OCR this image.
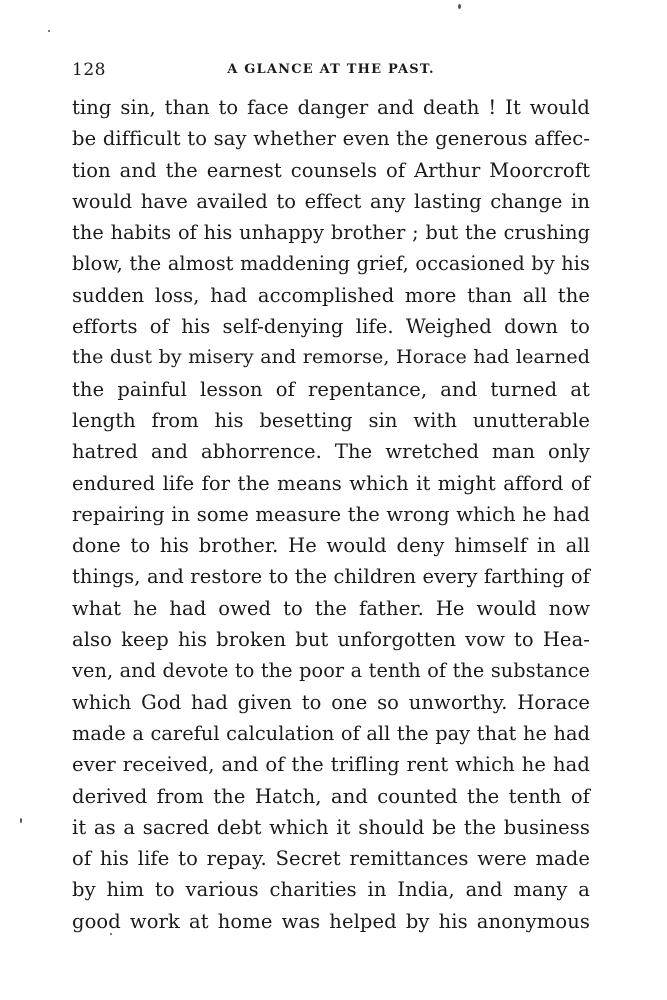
128	A GLANCE AT THE PAST.
ting sin, than to face danger and death ! It would
be difficult to say whether even the generous affec-
tion and the earnest counsels of Arthur Moorcroft
would have availed to effect any lasting change in
the habits of his unhappy brother ; but the crushing
blow, the almost maddening grief, occasioned by his
sudden loss, had accomplished more than all the
efforts of his self-denying life. Weighed down to
the dust by misery and remorse, Horace had learned
the painful lesson of repentance, and turned at
length from his besetting sin with unutterable
hatred and abhorrence. The wretched man only
endured life for the means which it might afford of
repairing in some measure the wrong which he had
done to his brother. He would deny himself in all
things, and restore to the children every farthing of
what he had owed to the father. He would now
also keep his broken but unforgotten vow to Hea-
ven, and devote to the poor a tenth of the substance
which God had given to one so unworthy. Horace
made a careful calculation of all the pay that he had
ever received, and of the trifling rent which he had
derived from the Hatch, and counted the tenth of
it as a sacred debt which it should be the business
of his life to repay. Secret remittances were made
by him to various charities in India, and many a
good work at home was helped by his anonymous
